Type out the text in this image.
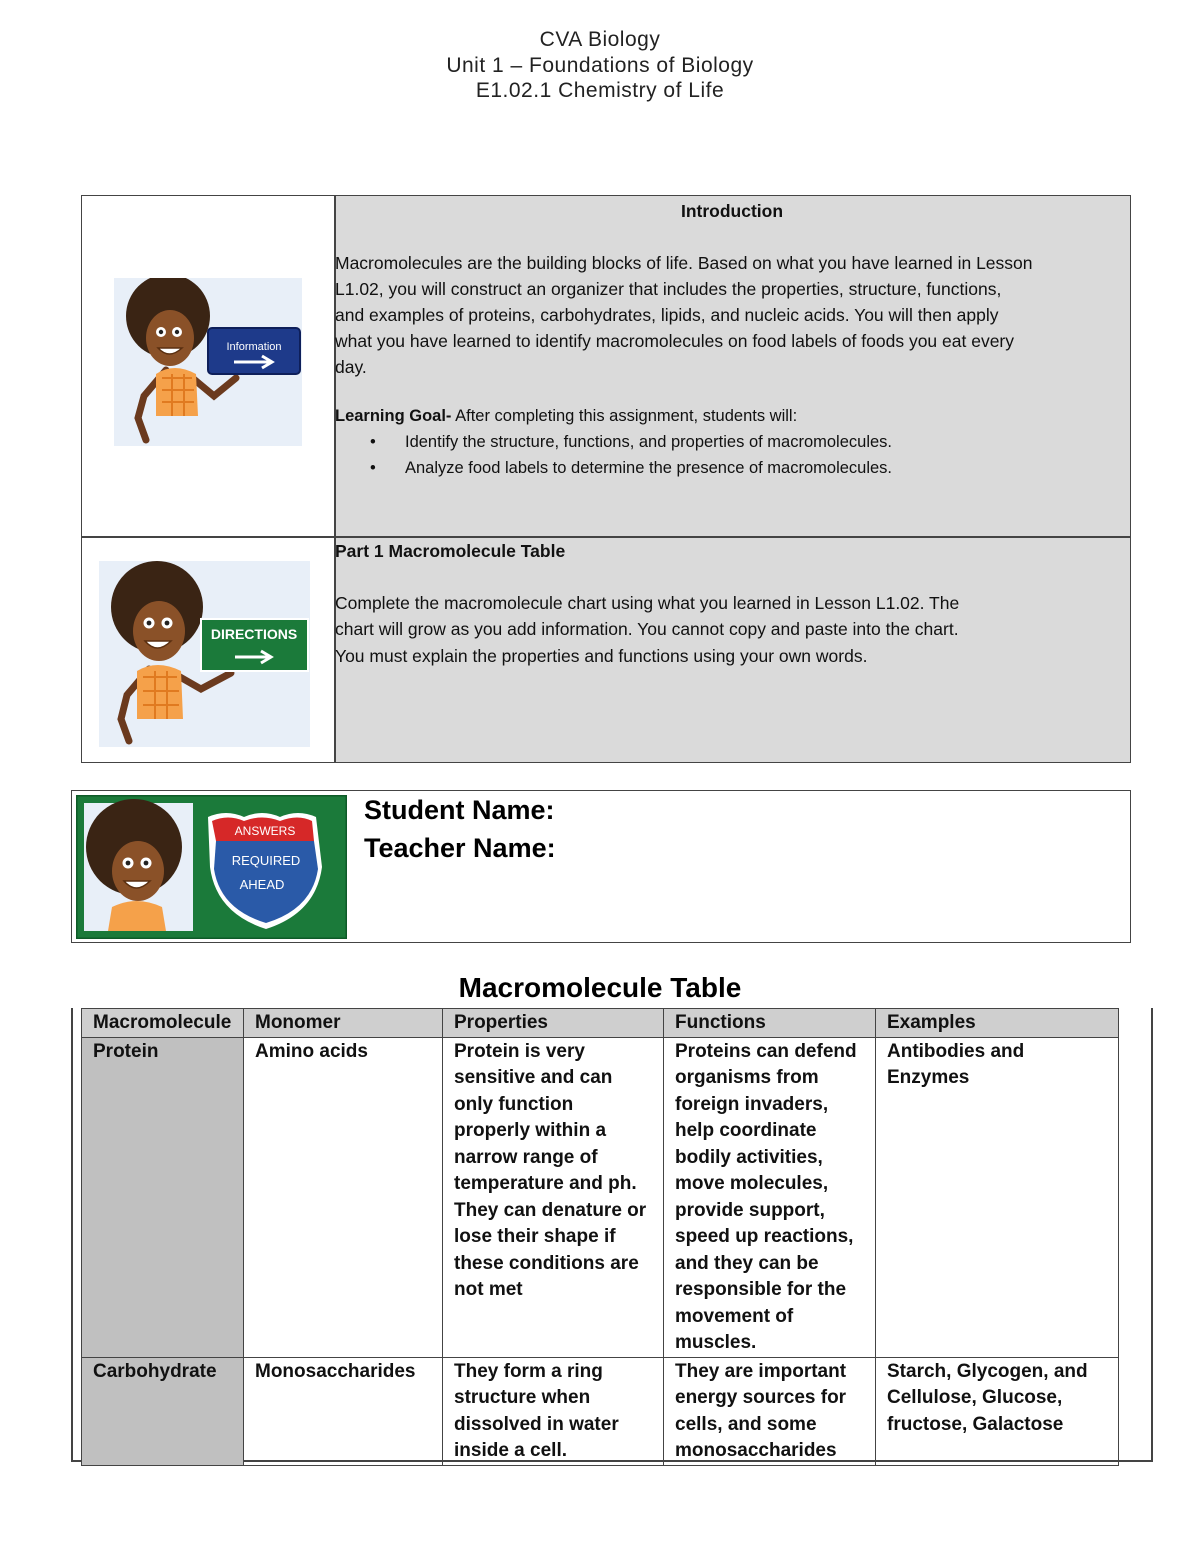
CVA Biology
Unit 1 – Foundations of Biology
E1.02.1 Chemistry of Life
Information
DIRECTIONS
Introduction
Macromolecules are the building blocks of life. Based on what you have learned in Lesson
L1.02, you will construct an organizer that includes the properties, structure, functions,
and examples of proteins, carbohydrates, lipids, and nucleic acids. You will then apply
what you have learned to identify macromolecules on food labels of foods you eat every
day.
Learning Goal- After completing this assignment, students will:
• Identify the structure, functions, and properties of macromolecules.
• Analyze food labels to determine the presence of macromolecules.
Part 1 Macromolecule Table
Complete the macromolecule chart using what you learned in Lesson L1.02. The
chart will grow as you add information. You cannot copy and paste into the chart.
You must explain the properties and functions using your own words.
ANSWERS
REQUIRED
AHEAD
Student Name:
Teacher Name:
Macromolecule Table
Macromolecule	Monomer	Properties	Functions	Examples
Protein	Amino acids	Protein is very sensitive and can only function properly within a narrow range of temperature and ph. They can denature or lose their shape if these conditions are not met	Proteins can defend organisms from foreign invaders, help coordinate bodily activities, move molecules, provide support, speed up reactions, and they can be responsible for the movement of muscles.	Antibodies and Enzymes
Carbohydrate	Monosaccharides	They form a ring structure when dissolved in water inside a cell.	They are important energy sources for cells, and some monosaccharides	Starch, Glycogen, and Cellulose, Glucose, fructose, Galactose
